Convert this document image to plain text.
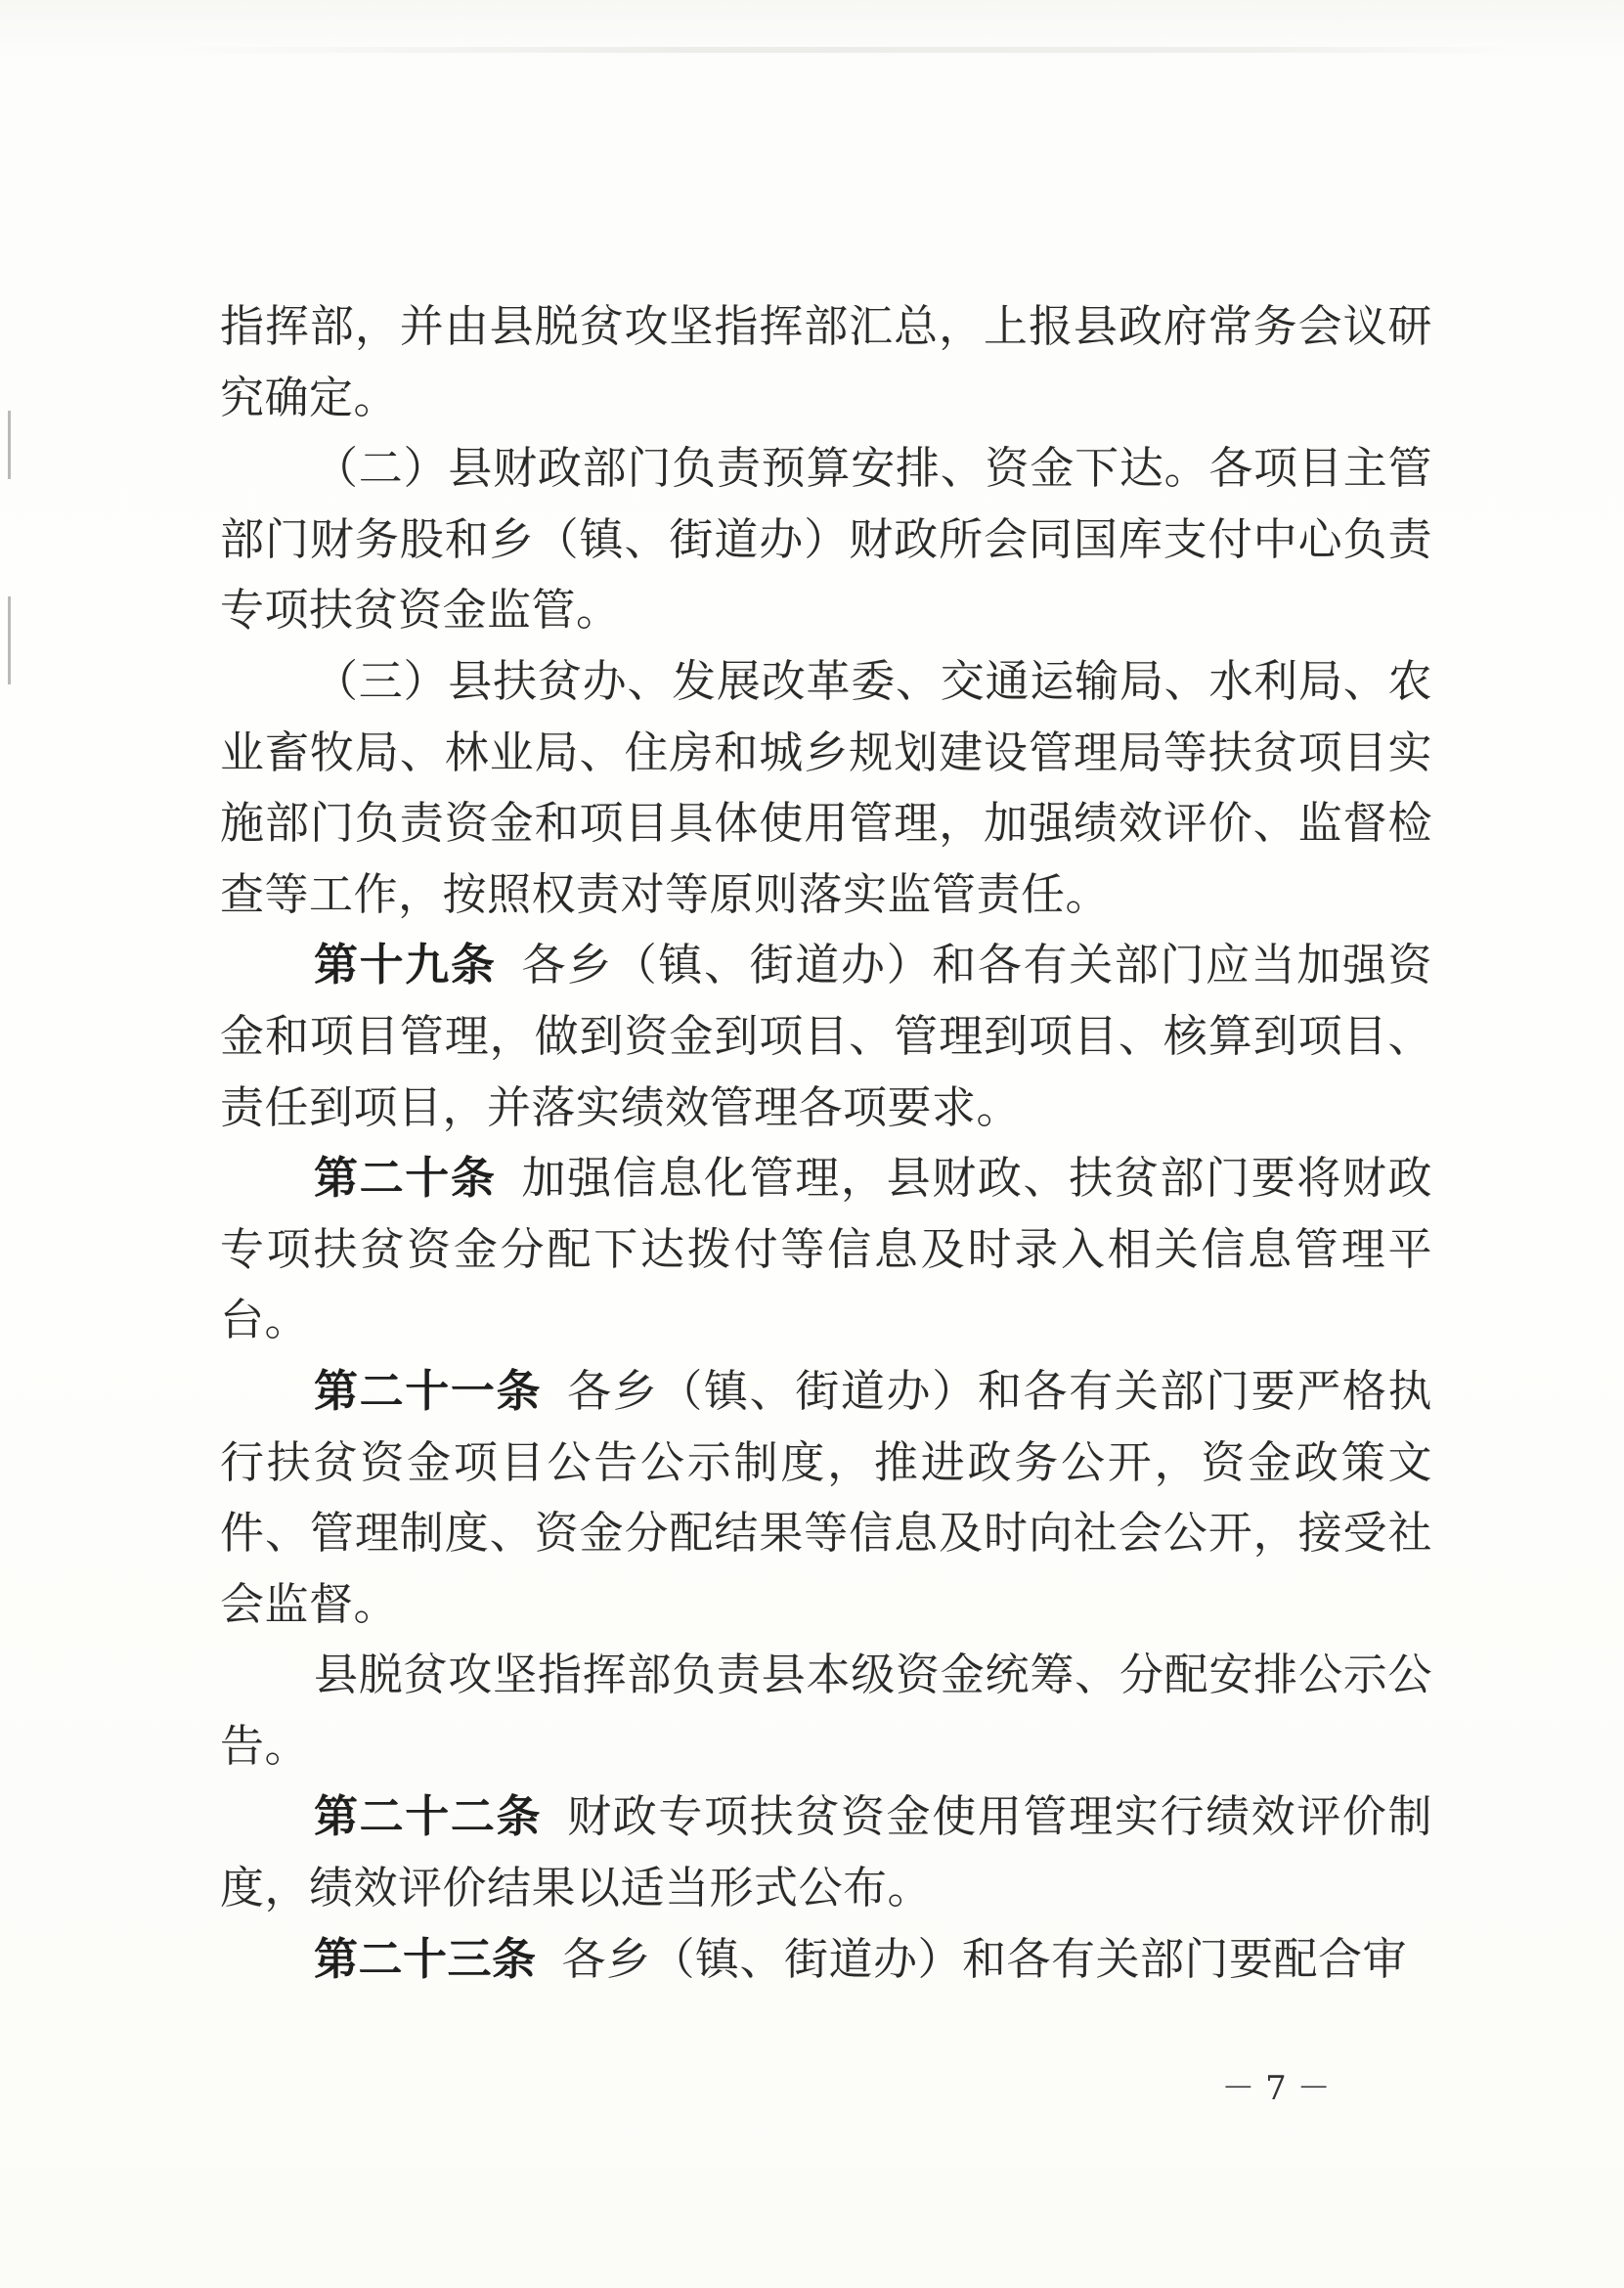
指挥部，并由县脱贫攻坚指挥部汇总，上报县政府常务会议研究确定。

（二）县财政部门负责预算安排、资金下达。各项目主管部门财务股和乡（镇、街道办）财政所会同国库支付中心负责专项扶贫资金监管。

（三）县扶贫办、发展改革委、交通运输局、水利局、农业畜牧局、林业局、住房和城乡规划建设管理局等扶贫项目实施部门负责资金和项目具体使用管理，加强绩效评价、监督检查等工作，按照权责对等原则落实监管责任。

第十九条 各乡（镇、街道办）和各有关部门应当加强资金和项目管理，做到资金到项目、管理到项目、核算到项目、责任到项目，并落实绩效管理各项要求。

第二十条 加强信息化管理，县财政、扶贫部门要将财政专项扶贫资金分配下达拨付等信息及时录入相关信息管理平台。

第二十一条 各乡（镇、街道办）和各有关部门要严格执行扶贫资金项目公告公示制度，推进政务公开，资金政策文件、管理制度、资金分配结果等信息及时向社会公开，接受社会监督。

县脱贫攻坚指挥部负责县本级资金统筹、分配安排公示公告。

第二十二条 财政专项扶贫资金使用管理实行绩效评价制度，绩效评价结果以适当形式公布。

第二十三条 各乡（镇、街道办）和各有关部门要配合审

－ 7 －
